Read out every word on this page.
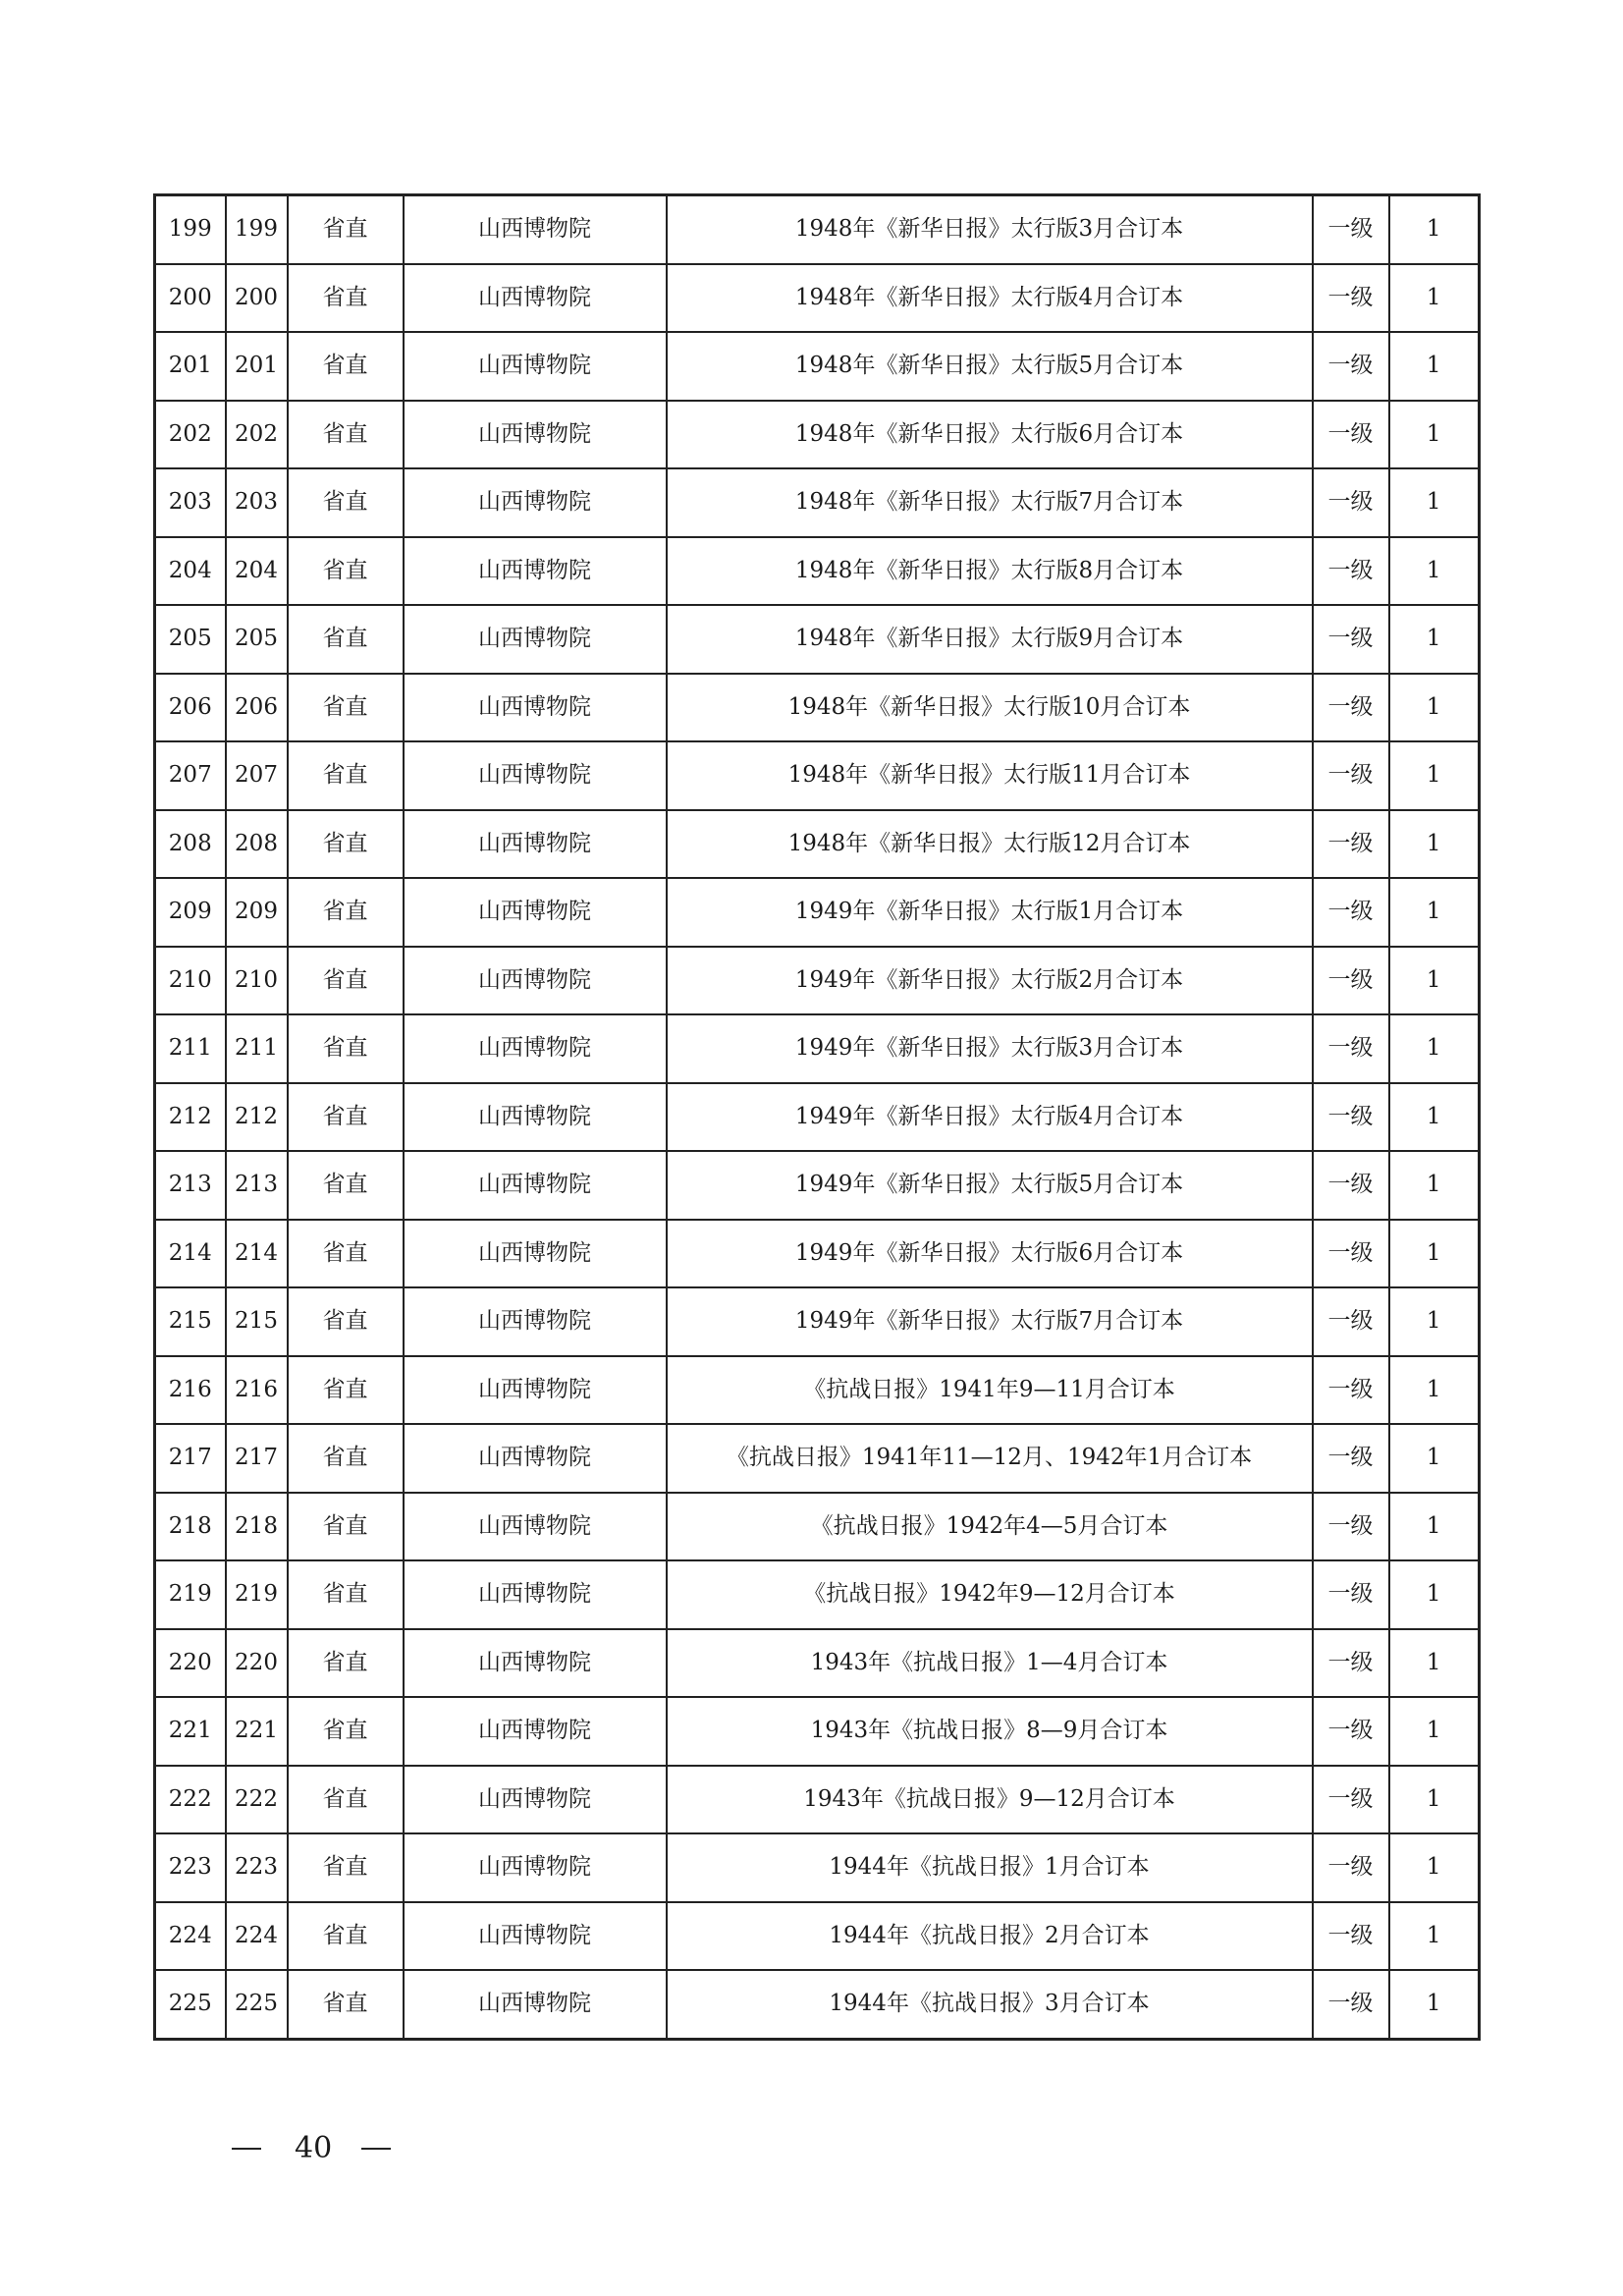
199	199	省直	山西博物院	1948年《新华日报》太行版3月合订本	一级	1
200	200	省直	山西博物院	1948年《新华日报》太行版4月合订本	一级	1
201	201	省直	山西博物院	1948年《新华日报》太行版5月合订本	一级	1
202	202	省直	山西博物院	1948年《新华日报》太行版6月合订本	一级	1
203	203	省直	山西博物院	1948年《新华日报》太行版7月合订本	一级	1
204	204	省直	山西博物院	1948年《新华日报》太行版8月合订本	一级	1
205	205	省直	山西博物院	1948年《新华日报》太行版9月合订本	一级	1
206	206	省直	山西博物院	1948年《新华日报》太行版10月合订本	一级	1
207	207	省直	山西博物院	1948年《新华日报》太行版11月合订本	一级	1
208	208	省直	山西博物院	1948年《新华日报》太行版12月合订本	一级	1
209	209	省直	山西博物院	1949年《新华日报》太行版1月合订本	一级	1
210	210	省直	山西博物院	1949年《新华日报》太行版2月合订本	一级	1
211	211	省直	山西博物院	1949年《新华日报》太行版3月合订本	一级	1
212	212	省直	山西博物院	1949年《新华日报》太行版4月合订本	一级	1
213	213	省直	山西博物院	1949年《新华日报》太行版5月合订本	一级	1
214	214	省直	山西博物院	1949年《新华日报》太行版6月合订本	一级	1
215	215	省直	山西博物院	1949年《新华日报》太行版7月合订本	一级	1
216	216	省直	山西博物院	《抗战日报》1941年9—11月合订本	一级	1
217	217	省直	山西博物院	《抗战日报》1941年11—12月、1942年1月合订本	一级	1
218	218	省直	山西博物院	《抗战日报》1942年4—5月合订本	一级	1
219	219	省直	山西博物院	《抗战日报》1942年9—12月合订本	一级	1
220	220	省直	山西博物院	1943年《抗战日报》1—4月合订本	一级	1
221	221	省直	山西博物院	1943年《抗战日报》8—9月合订本	一级	1
222	222	省直	山西博物院	1943年《抗战日报》9—12月合订本	一级	1
223	223	省直	山西博物院	1944年《抗战日报》1月合订本	一级	1
224	224	省直	山西博物院	1944年《抗战日报》2月合订本	一级	1
225	225	省直	山西博物院	1944年《抗战日报》3月合订本	一级	1
40
